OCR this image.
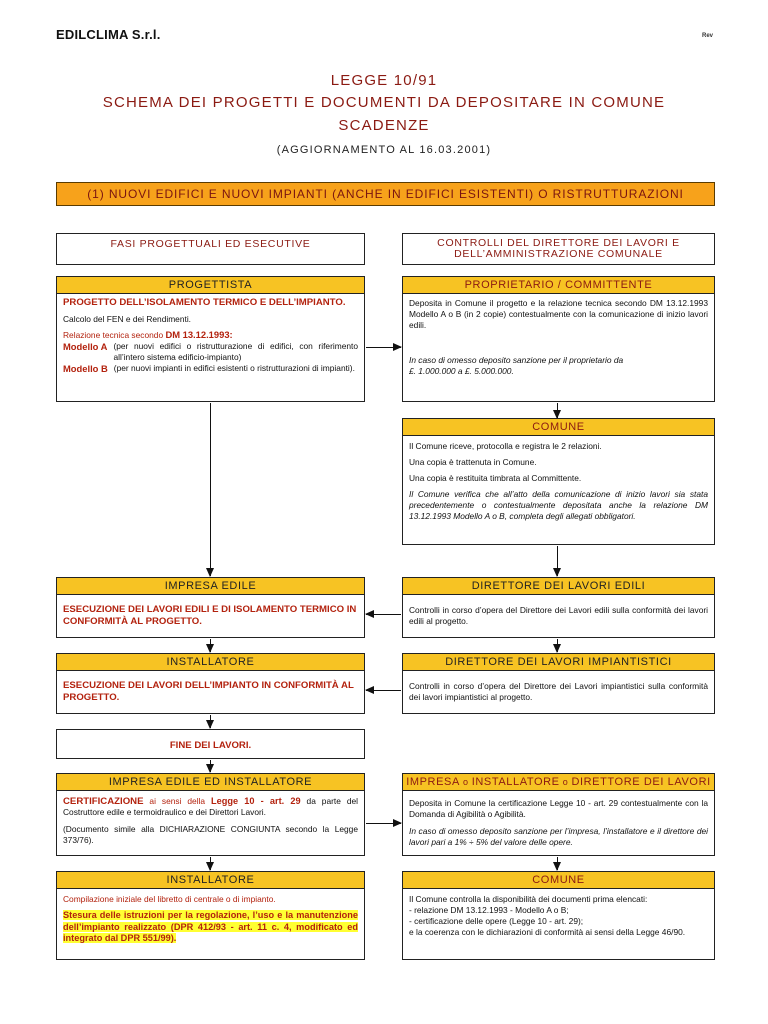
EDILCLIMA S.r.l.	Rev
LEGGE 10/91
SCHEMA DEI PROGETTI E DOCUMENTI DA DEPOSITARE IN COMUNE
SCADENZE
(AGGIORNAMENTO AL 16.03.2001)
(1) NUOVI EDIFICI E NUOVI IMPIANTI (ANCHE IN EDIFICI ESISTENTI) O RISTRUTTURAZIONI
FASI PROGETTUALI ED ESECUTIVE	CONTROLLI DEL DIRETTORE DEI LAVORI E
DELL’AMMINISTRAZIONE COMUNALE
PROGETTISTA

PROGETTO DELL’ISOLAMENTO TERMICO E DELL’IMPIANTO.

Calcolo del FEN e dei Rendimenti.

Relazione tecnica secondo DM 13.12.1993:

Modello A (per nuovi edifici o ristrutturazione di edifici, con riferimento all’intero sistema edificio-impianto)
Modello B (per nuovi impianti in edifici esistenti o ristrutturazioni di impianti).
PROPRIETARIO / COMMITTENTE

Deposita in Comune il progetto e la relazione tecnica secondo DM 13.12.1993 Modello A o B (in 2 copie) contestualmente con la comunicazione di inizio lavori edili.

In caso di omesso deposito sanzione per il proprietario da

£. 1.000.000 a £. 5.000.000.

COMUNE

Il Comune riceve, protocolla e registra le 2 relazioni.

Una copia è trattenuta in Comune.

Una copia è restituita timbrata al Committente.

Il Comune verifica che all’atto della comunicazione di inizio lavori sia stata precedentemente o contestualmente depositata anche la relazione DM 13.12.1993 Modello A o B, completa degli allegati obbligatori.

IMPRESA EDILE
ESECUZIONE DEI LAVORI EDILI E DI ISOLAMENTO TERMICO IN CONFORMITÀ AL PROGETTO.
DIRETTORE DEI LAVORI EDILI

Controlli in corso d’opera del Direttore dei Lavori edili sulla conformità dei lavori edili al progetto.

INSTALLATORE
ESECUZIONE DEI LAVORI DELL’IMPIANTO IN CONFORMITÀ AL PROGETTO.
DIRETTORE DEI LAVORI IMPIANTISTICI

Controlli in corso d’opera del Direttore dei Lavori impiantistici sulla conformità dei lavori impiantistici al progetto.

FINE DEI LAVORI.
IMPRESA EDILE ED INSTALLATORE

CERTIFICAZIONE ai sensi della Legge 10 - art. 29 da parte del Costruttore edile e termoidraulico e dei Direttori Lavori.

(Documento simile alla DICHIARAZIONE CONGIUNTA secondo la Legge 373/76).

IMPRESA o INSTALLATORE o DIRETTORE DEI LAVORI

Deposita in Comune la certificazione Legge 10 - art. 29 contestualmente con la Domanda di Agibilità o Agibilità.

In caso di omesso deposito sanzione per l’impresa, l’installatore e il direttore dei lavori pari a 1% ÷ 5% del valore delle opere.

INSTALLATORE

Compilazione iniziale del libretto di centrale o di impianto.

Stesura delle istruzioni per la regolazione, l’uso e la manutenzione dell’impianto realizzato (DPR 412/93 - art. 11 c. 4, modificato ed integrato dal DPR 551/99).

COMUNE

Il Comune controlla la disponibilità dei documenti prima elencati:

- relazione DM 13.12.1993 - Modello A o B;

- certificazione delle opere (Legge 10 - art. 29);

e la coerenza con le dichiarazioni di conformità ai sensi della Legge 46/90.
